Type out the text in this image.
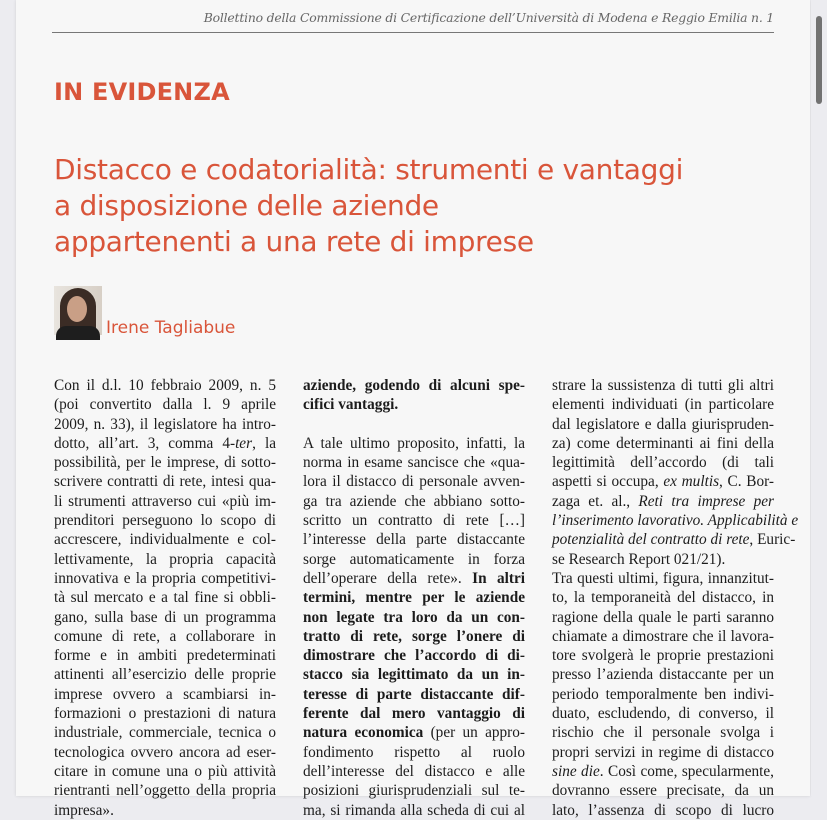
Bollettino della Commissione di Certificazione dell’Università di Modena e Reggio Emilia n. 1
IN EVIDENZA
Distacco e codatorialità: strumenti e vantaggi
a disposizione delle aziende
appartenenti a una rete di imprese
Irene Tagliabue
Con il d.l. 10 febbraio 2009, n. 5
(poi convertito dalla l. 9 aprile
2009, n. 33), il legislatore ha intro-
dotto, all’art. 3, comma 4-ter, la
possibilità, per le imprese, di sotto-
scrivere contratti di rete, intesi qua-
li strumenti attraverso cui «più im-
prenditori perseguono lo scopo di
accrescere, individualmente e col-
lettivamente, la propria capacità
innovativa e la propria competitivi-
tà sul mercato e a tal fine si obbli-
gano, sulla base di un programma
comune di rete, a collaborare in
forme e in ambiti predeterminati
attinenti all’esercizio delle proprie
imprese ovvero a scambiarsi in-
formazioni o prestazioni di natura
industriale, commerciale, tecnica o
tecnologica ovvero ancora ad eser-
citare in comune una o più attività
rientranti nell’oggetto della propria
impresa».
aziende, godendo di alcuni spe-
cifici vantaggi.
A tale ultimo proposito, infatti, la
norma in esame sancisce che «qua-
lora il distacco di personale avven-
ga tra aziende che abbiano sotto-
scritto un contratto di rete […]
l’interesse della parte distaccante
sorge automaticamente in forza
dell’operare della rete». In altri
termini, mentre per le aziende
non legate tra loro da un con-
tratto di rete, sorge l’onere di
dimostrare che l’accordo di di-
stacco sia legittimato da un in-
teresse di parte distaccante dif-
ferente dal mero vantaggio di
natura economica (per un appro-
fondimento rispetto al ruolo
dell’interesse del distacco e alle
posizioni giurisprudenziali sul te-
ma, si rimanda alla scheda di cui al
strare la sussistenza di tutti gli altri
elementi individuati (in particolare
dal legislatore e dalla giurispruden-
za) come determinanti ai fini della
legittimità dell’accordo (di tali
aspetti si occupa, ex multis, C. Bor-
zaga et. al., Reti tra imprese per
l’inserimento lavorativo. Applicabilità e
potenzialità del contratto di rete, Euric-
se Research Report 021/21).
Tra questi ultimi, figura, innanzitut-
to, la temporaneità del distacco, in
ragione della quale le parti saranno
chiamate a dimostrare che il lavora-
tore svolgerà le proprie prestazioni
presso l’azienda distaccante per un
periodo temporalmente ben indivi-
duato, escludendo, di converso, il
rischio che il personale svolga i
propri servizi in regime di distacco
sine die. Così come, specularmente,
dovranno essere precisate, da un
lato, l’assenza di scopo di lucro
